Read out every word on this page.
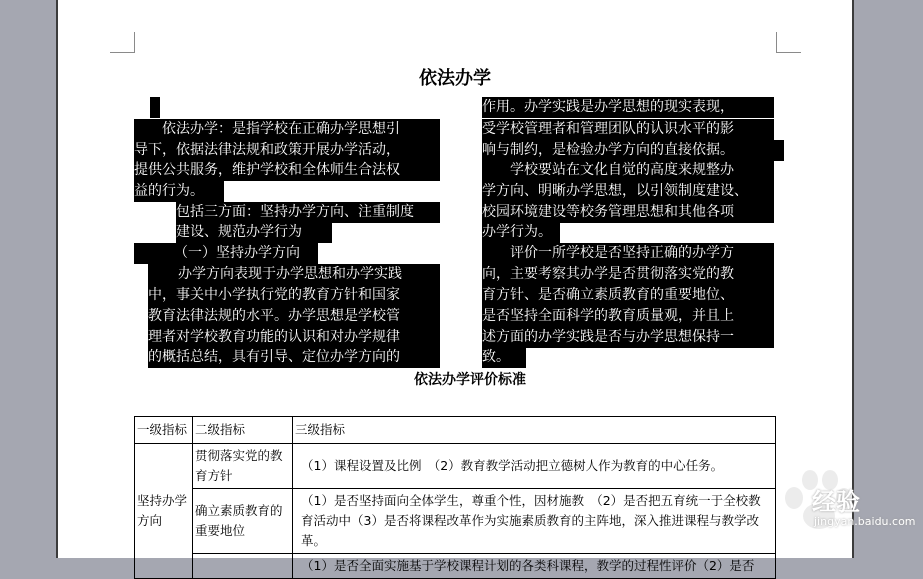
依法办学
　　依法办学：是指学校在正确办学思想引
导下，依据法律法规和政策开展办学活动，
提供公共服务，维护学校和全体师生合法权
益的行为。
包括三方面：坚持办学方向、注重制度
建设、规范办学行为
（一）坚持办学方向
办学方向表现于办学思想和办学实践
中，事关中小学执行党的教育方针和国家
教育法律法规的水平。办学思想是学校管
理者对学校教育功能的认识和对办学规律
的概括总结，具有引导、定位办学方向的
作用。办学实践是办学思想的现实表现，
受学校管理者和管理团队的认识水平的影
响与制约，是检验办学方向的直接依据。
　　学校要站在文化自觉的高度来规整办
学方向、明晰办学思想，以引领制度建设、
校园环境建设等校务管理思想和其他各项
办学行为。
　　评价一所学校是否坚持正确的办学方
向，主要考察其办学是否贯彻落实党的教
育方针、是否确立素质教育的重要地位、
是否坚持全面科学的教育质量观，并且上
述方面的办学实践是否与办学思想保持一
致。
依法办学评价标准
一级指标	二级指标	三级指标
坚持办学方向	贯彻落实党的教育方针	（1）课程设置及比例　（2）教育教学活动把立德树人作为教育的中心任务。
	确立素质教育的重要地位	（1）是否坚持面向全体学生，尊重个性，因材施教　（2）是否把五育统一于全校教育活动中（3）是否将课程改革作为实施素质教育的主阵地，深入推进课程与教学改革。
		（1）是否全面实施基于学校课程计划的各类科课程，教学的过程性评价（2）是否
经验
jingyan.baidu.com
